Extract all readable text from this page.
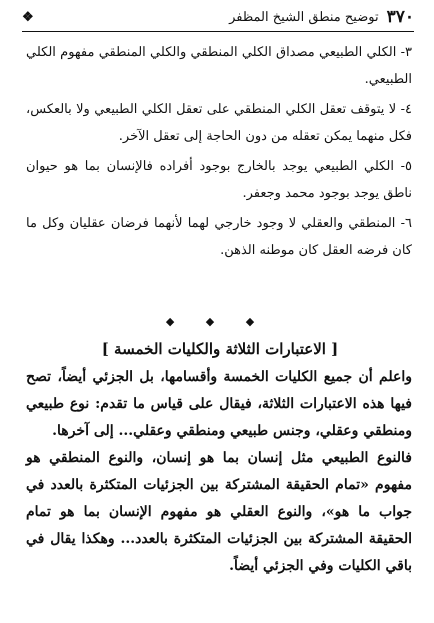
٣٧٠
توضيح منطق الشيخ المظفر
❖

٣- الكلي الطبيعي مصداق الكلي المنطقي والكلي المنطقي مفهوم الكلي الطبيعي.

٤- لا يتوقف تعقل الكلي المنطقي على تعقل الكلي الطبيعي ولا بالعكس، فكل منهما يمكن تعقله من دون الحاجة إلى تعقل الآخر.

٥- الكلي الطبيعي يوجد بالخارج بوجود أفراده فالإنسان بما هو حيوان ناطق يوجد بوجود محمد وجعفر.

٦- المنطقي والعقلي لا وجود خارجي لهما لأنهما فرضان عقليان وكل ما كان فرضه العقل كان موطنه الذهن.

◆ ◆ ◆
[ الاعتبارات الثلاثة والكليات الخمسة ]

واعلم أن جميع الكليات الخمسة وأقسامها، بل الجزئي أيضاً، تصح فيها هذه الاعتبارات الثلاثة، فيقال على قياس ما تقدم: نوع طبيعي ومنطقي وعقلي، وجنس طبيعي ومنطقي وعقلي... إلى آخرها.

فالنوع الطبيعي مثل إنسان بما هو إنسان، والنوع المنطقي هو مفهوم «تمام الحقيقة المشتركة بين الجزئيات المتكثرة بالعدد في جواب ما هو»، والنوع العقلي هو مفهوم الإنسان بما هو تمام الحقيقة المشتركة بين الجزئيات المتكثرة بالعدد... وهكذا يقال في باقي الكليات وفي الجزئي أيضاً.
